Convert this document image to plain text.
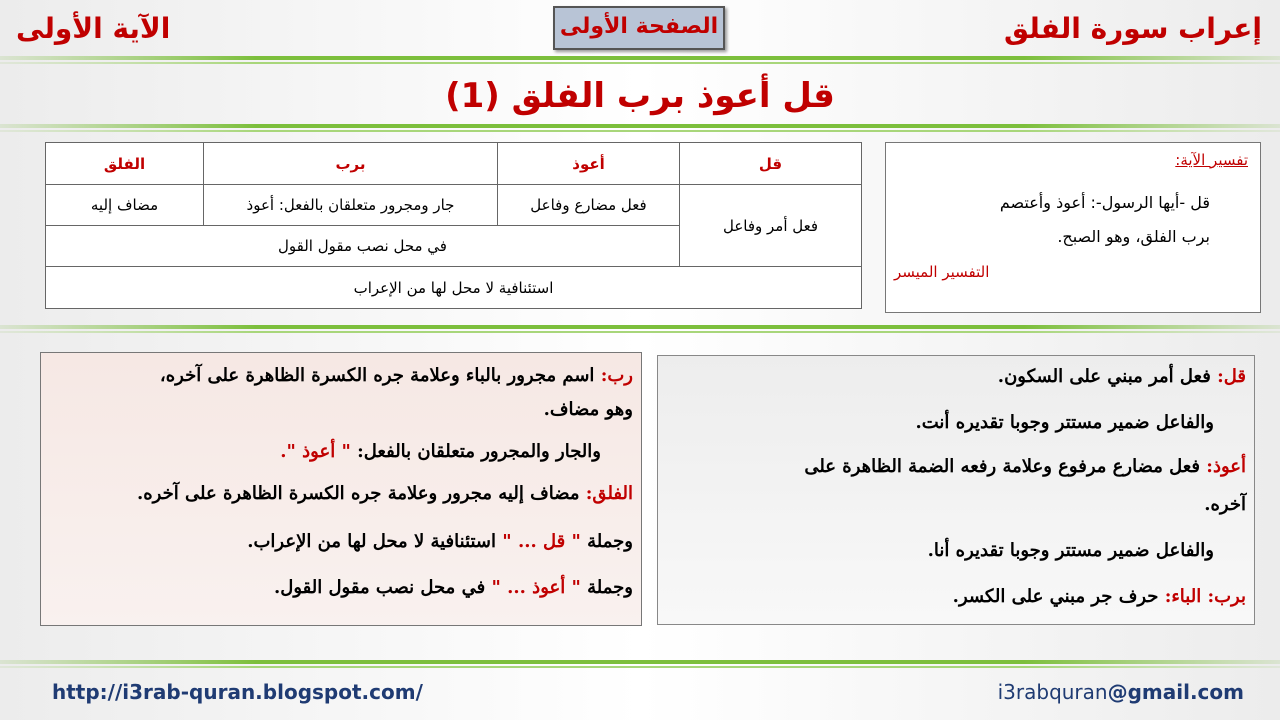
إعراب سورة الفلق
الصفحة الأولى
الآية الأولى
قل أعوذ برب الفلق (1)
قل	أعوذ	برب	الفلق
فعل أمر وفاعل	فعل مضارع وفاعل	جار ومجرور متعلقان بالفعل: أعوذ	مضاف إليه
	في محل نصب مقول القول		
استئنافية لا محل لها من الإعراب			
تفسير الآية:
قل -أيها الرسول-: أعوذ وأعتصم
برب الفلق، وهو الصبح.
التفسير الميسر
رب: اسم مجرور بالباء وعلامة جره الكسرة الظاهرة على آخره،
وهو مضاف.
والجار والمجرور متعلقان بالفعل: " أعوذ ".
الفلق: مضاف إليه مجرور وعلامة جره الكسرة الظاهرة على آخره.
وجملة " قل ... " استئنافية لا محل لها من الإعراب.
وجملة " أعوذ ... " في محل نصب مقول القول.
قل: فعل أمر مبني على السكون.
والفاعل ضمير مستتر وجوبا تقديره أنت.
أعوذ: فعل مضارع مرفوع وعلامة رفعه الضمة الظاهرة على
آخره.
والفاعل ضمير مستتر وجوبا تقديره أنا.
برب: الباء: حرف جر مبني على الكسر.
http://i3rab-quran.blogspot.com/	i3rabquran@gmail.com
